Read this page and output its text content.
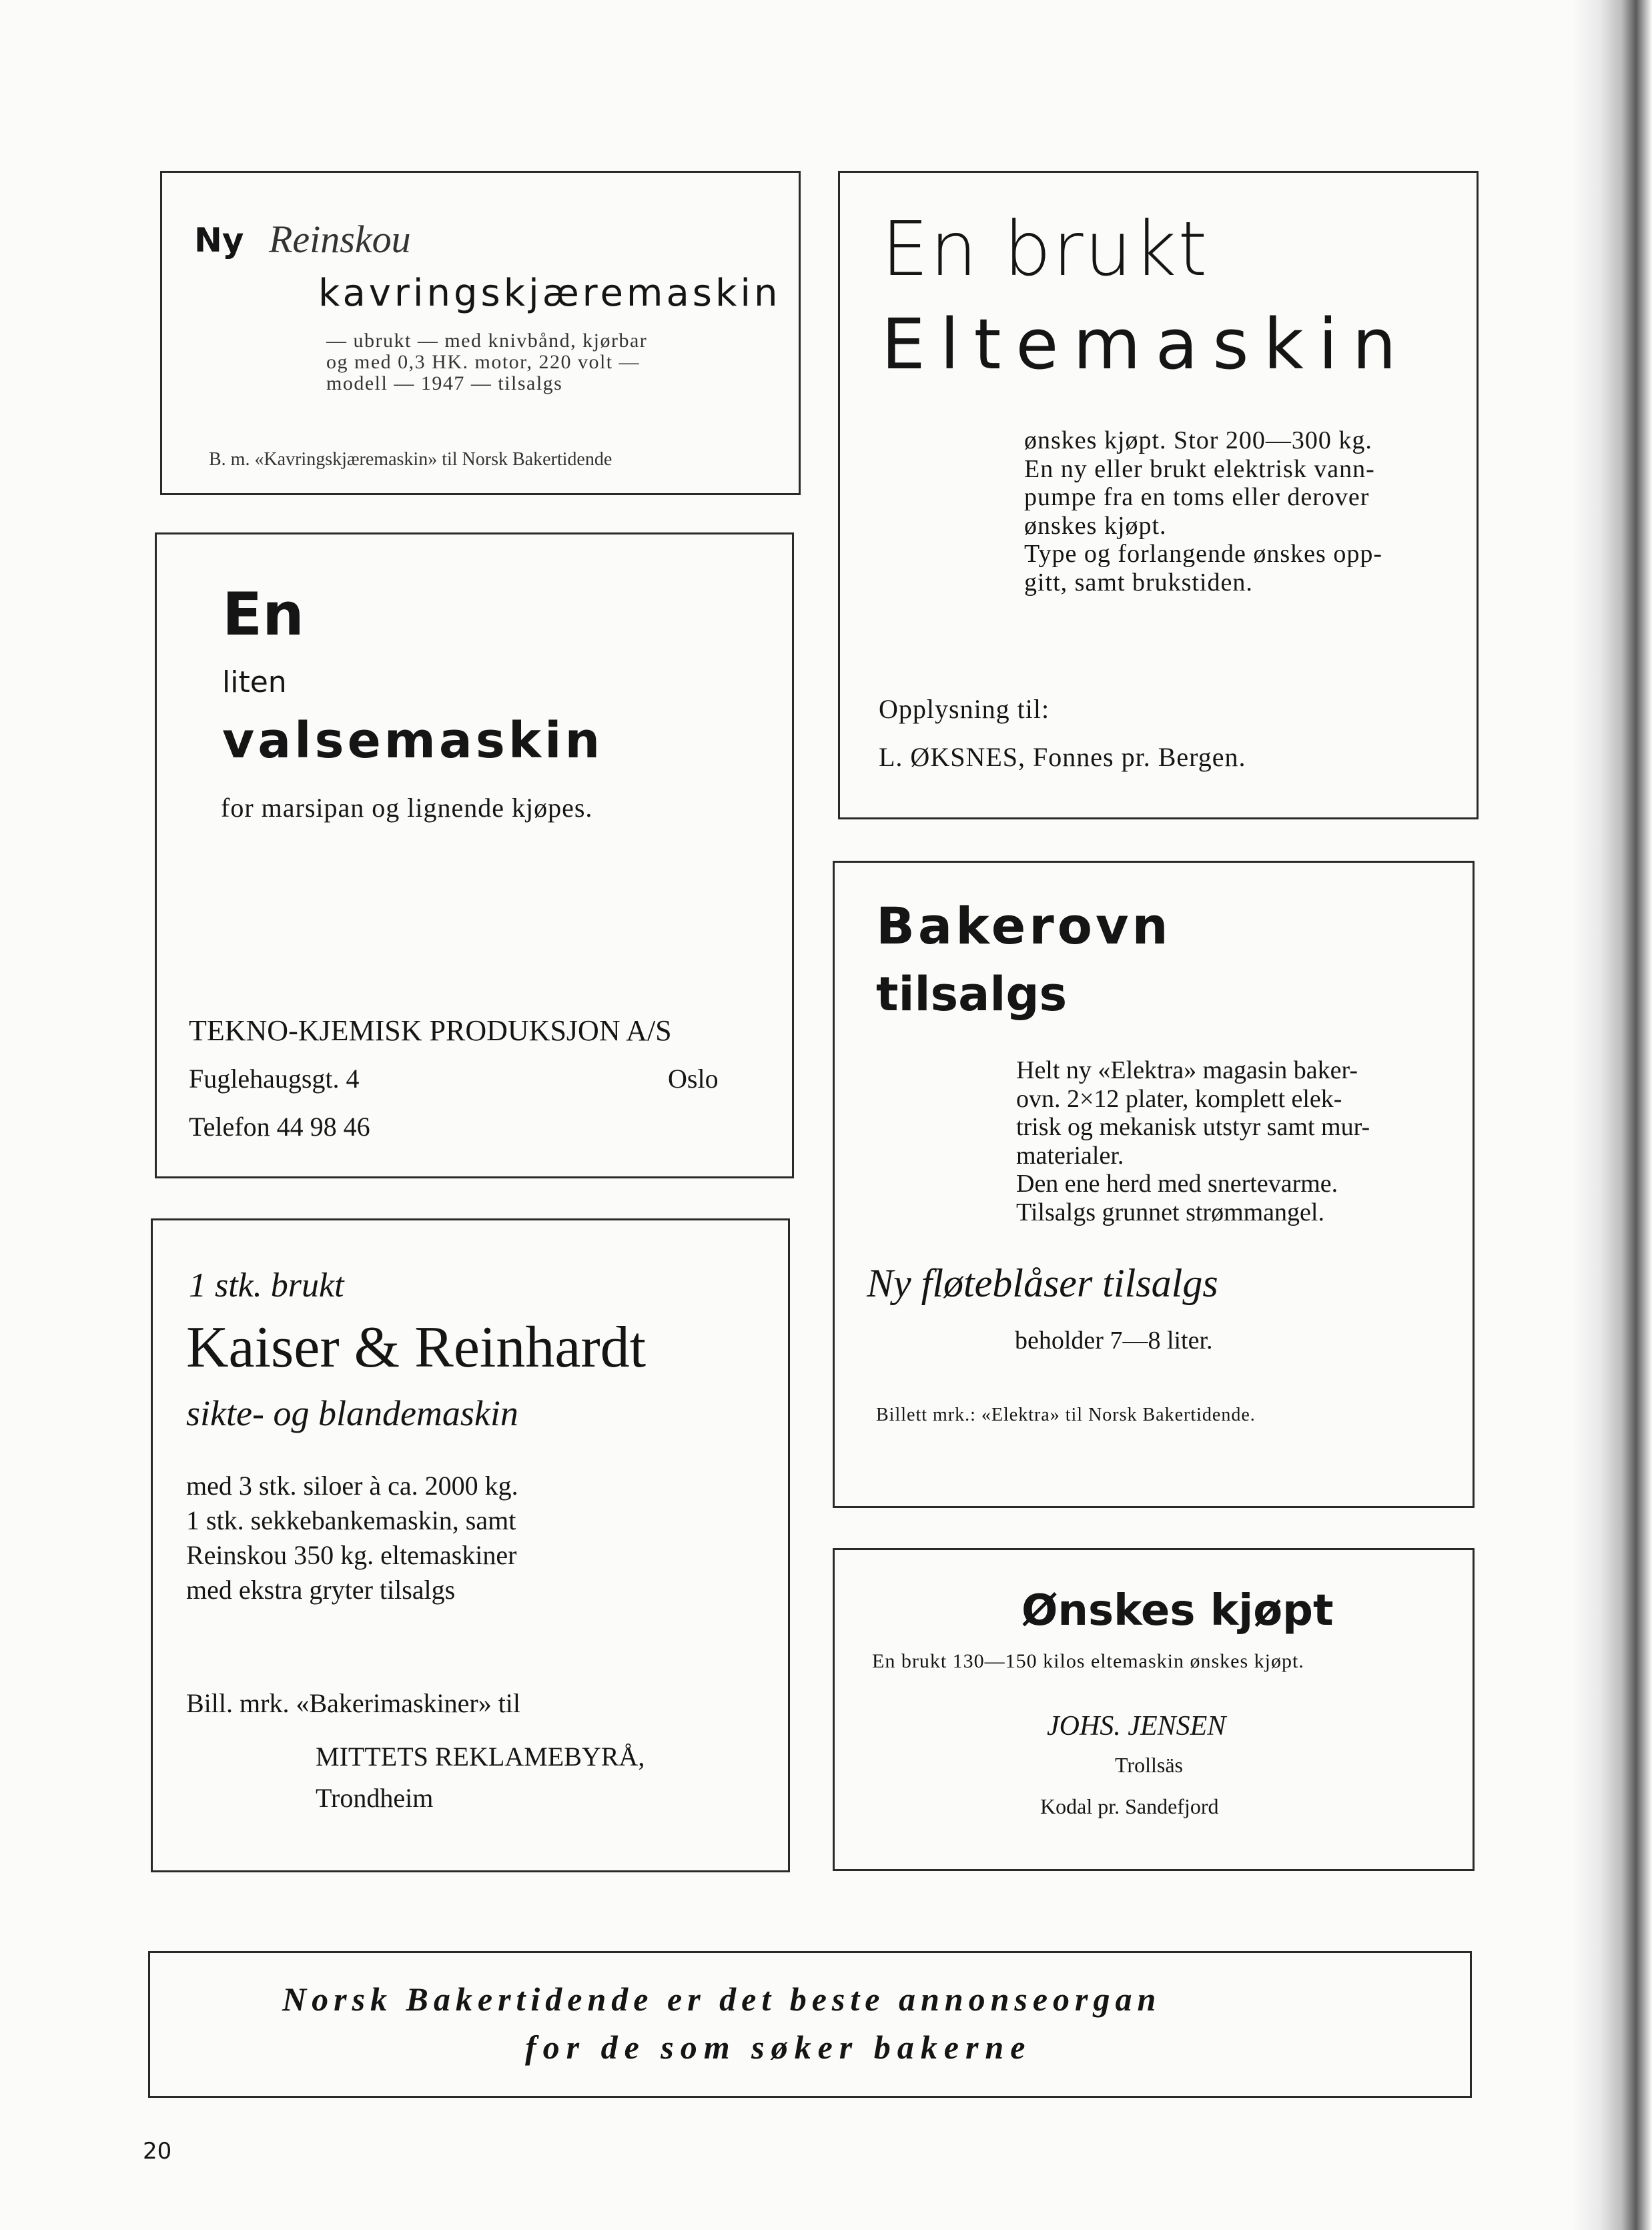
Ny Reinskou
kavringskjæremaskin
— ubrukt — med knivbånd, kjørbar
og med 0,3 HK. motor, 220 volt —
modell — 1947 — tilsalgs
B. m. «Kavringskjæremaskin» til Norsk Bakertidende
En
liten
valsemaskin
for marsipan og lignende kjøpes.
TEKNO-KJEMISK PRODUKSJON A/S
Fuglehaugsgt. 4	Oslo
Telefon 44 98 46
1 stk. brukt
Kaiser & Reinhardt
sikte- og blandemaskin
med 3 stk. siloer à ca. 2000 kg.
1 stk. sekkebankemaskin, samt
Reinskou 350 kg. eltemaskiner
med ekstra gryter tilsalgs
Bill. mrk. «Bakerimaskiner» til
MITTETS REKLAMEBYRÅ,
Trondheim
En brukt
Eltemaskin
ønskes kjøpt. Stor 200—300 kg.
En ny eller brukt elektrisk vann-
pumpe fra en toms eller derover
ønskes kjøpt.
Type og forlangende ønskes opp-
gitt, samt brukstiden.
Opplysning til:
L. ØKSNES, Fonnes pr. Bergen.
Bakerovn
tilsalgs
Helt ny «Elektra» magasin baker-
ovn. 2×12 plater, komplett elek-
trisk og mekanisk utstyr samt mur-
materialer.
Den ene herd med snertevarme.
Tilsalgs grunnet strømmangel.
Ny fløteblåser tilsalgs
beholder 7—8 liter.
Billett mrk.: «Elektra» til Norsk Bakertidende.
Ønskes kjøpt
En brukt 130—150 kilos eltemaskin ønskes kjøpt.
JOHS. JENSEN
Trollsäs
Kodal pr. Sandefjord
Norsk Bakertidende er det beste annonseorgan
for de som søker bakerne
20
